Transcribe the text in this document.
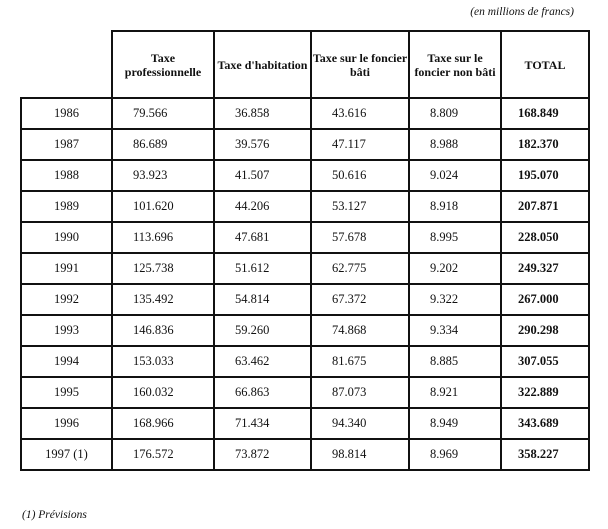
(en millions de francs)
	Taxe professionnelle	Taxe d'habitation	Taxe sur le foncier bâti	Taxe sur le foncier non bâti	TOTAL
1986	79.566	36.858	43.616	8.809	168.849
1987	86.689	39.576	47.117	8.988	182.370
1988	93.923	41.507	50.616	9.024	195.070
1989	101.620	44.206	53.127	8.918	207.871
1990	113.696	47.681	57.678	8.995	228.050
1991	125.738	51.612	62.775	9.202	249.327
1992	135.492	54.814	67.372	9.322	267.000
1993	146.836	59.260	74.868	9.334	290.298
1994	153.033	63.462	81.675	8.885	307.055
1995	160.032	66.863	87.073	8.921	322.889
1996	168.966	71.434	94.340	8.949	343.689
1997 (1)	176.572	73.872	98.814	8.969	358.227
(1) Prévisions
